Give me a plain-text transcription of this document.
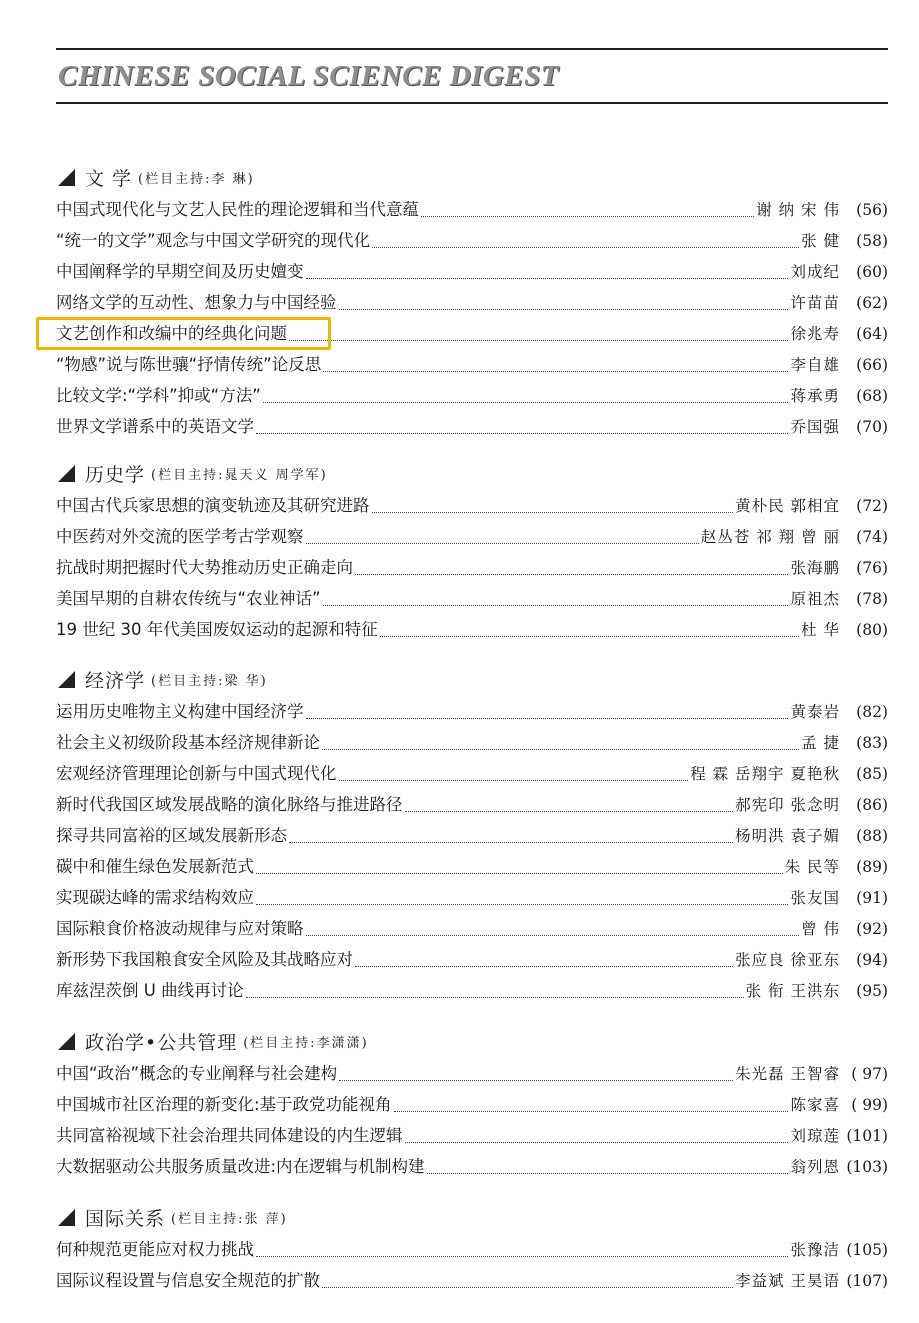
CHINESE SOCIAL SCIENCE DIGEST
文 学 (栏目主持:李 琳)
中国式现代化与文艺人民性的理论逻辑和当代意蕴	谢 纳 宋 伟	(56)
“统一的文学”观念与中国文学研究的现代化	张 健	(58)
中国阐释学的早期空间及历史嬗变	刘成纪	(60)
网络文学的互动性、想象力与中国经验	许苗苗	(62)
文艺创作和改编中的经典化问题	徐兆寿	(64)
“物感”说与陈世骧“抒情传统”论反思	李自雄	(66)
比较文学:“学科”抑或“方法”	蒋承勇	(68)
世界文学谱系中的英语文学	乔国强	(70)
历史学 (栏目主持:晁天义 周学军)
中国古代兵家思想的演变轨迹及其研究进路	黄朴民 郭相宜	(72)
中医药对外交流的医学考古学观察	赵丛苍 祁 翔 曾 丽	(74)
抗战时期把握时代大势推动历史正确走向	张海鹏	(76)
美国早期的自耕农传统与“农业神话”	原祖杰	(78)
19 世纪 30 年代美国废奴运动的起源和特征	杜 华	(80)
经济学 (栏目主持:梁 华)
运用历史唯物主义构建中国经济学	黄泰岩	(82)
社会主义初级阶段基本经济规律新论	孟 捷	(83)
宏观经济管理理论创新与中国式现代化	程 霖 岳翔宇 夏艳秋	(85)
新时代我国区域发展战略的演化脉络与推进路径	郝宪印 张念明	(86)
探寻共同富裕的区域发展新形态	杨明洪 袁子媚	(88)
碳中和催生绿色发展新范式	朱 民等	(89)
实现碳达峰的需求结构效应	张友国	(91)
国际粮食价格波动规律与应对策略	曾 伟	(92)
新形势下我国粮食安全风险及其战略应对	张应良 徐亚东	(94)
库兹涅茨倒 U 曲线再讨论	张 衔 王洪东	(95)
政治学•公共管理 (栏目主持:李潇潇)
中国“政治”概念的专业阐释与社会建构	朱光磊 王智睿 ( 97)
中国城市社区治理的新变化:基于政党功能视角	陈家喜 ( 99)
共同富裕视域下社会治理共同体建设的内生逻辑	刘琼莲 (101)
大数据驱动公共服务质量改进:内在逻辑与机制构建	翁列恩 (103)
国际关系 (栏目主持:张 萍)
何种规范更能应对权力挑战	张豫洁 (105)
国际议程设置与信息安全规范的扩散	李益斌 王昊语 (107)
